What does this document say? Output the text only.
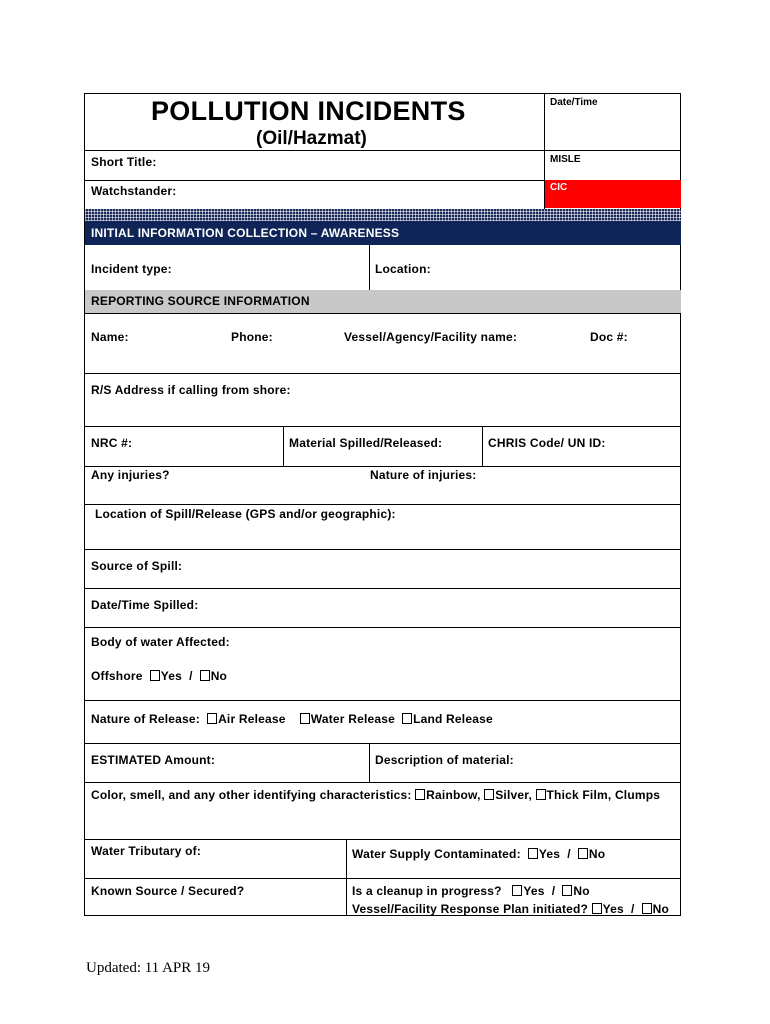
POLLUTION INCIDENTS
(Oil/Hazmat)
Date/Time
MISLE
Short Title:
Watchstander:	CIC
INITIAL INFORMATION COLLECTION – AWARENESS
Incident type:	Location:
REPORTING SOURCE INFORMATION
Name:	Phone:	Vessel/Agency/Facility name:	Doc #:
R/S Address if calling from shore:
NRC #:	Material Spilled/Released:	CHRIS Code/ UN ID:
Any injuries?	Nature of injuries:
Location of Spill/Release (GPS and/or geographic):
Source of Spill:
Date/Time Spilled:
Body of water Affected:
Offshore Yes / No
Nature of Release: Air Release Water Release Land Release
ESTIMATED Amount:	Description of material:
Color, smell, and any other identifying characteristics: Rainbow, Silver, Thick Film, Clumps
Water Tributary of:	Water Supply Contaminated: Yes / No
Known Source / Secured?	Is a cleanup in progress? Yes / No
Vessel/Facility Response Plan initiated? Yes / No
Updated: 11 APR 19
